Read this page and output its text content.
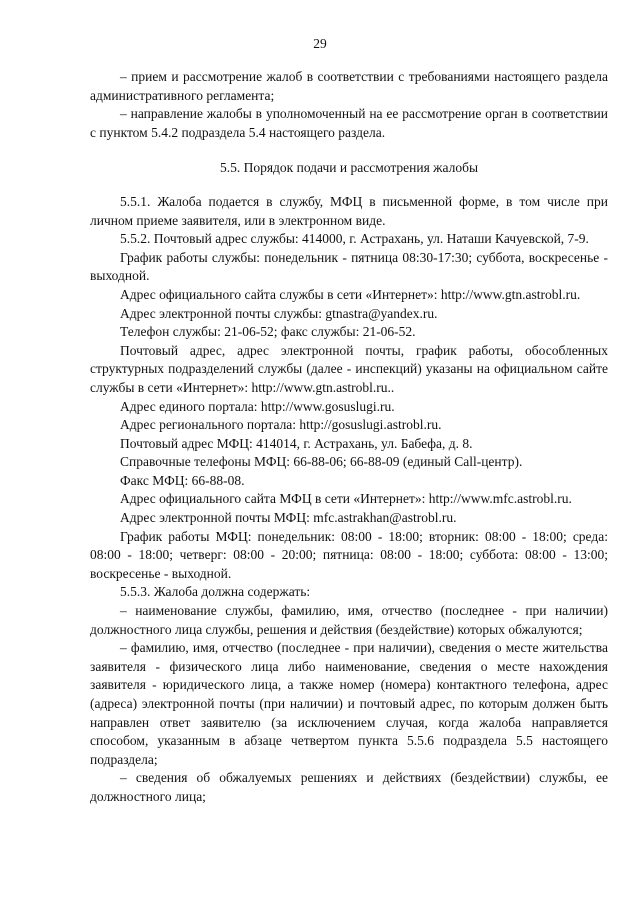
29

– прием и рассмотрение жалоб в соответствии с требованиями настоящего раздела административного регламента;

– направление жалобы в уполномоченный на ее рассмотрение орган в соответствии с пунктом 5.4.2 подраздела 5.4 настоящего раздела.

5.5. Порядок подачи и рассмотрения жалобы

5.5.1. Жалоба подается в службу, МФЦ в письменной форме, в том числе при личном приеме заявителя, или в электронном виде.

5.5.2. Почтовый адрес службы: 414000, г. Астрахань, ул. Наташи Качуевской, 7-9.

График работы службы: понедельник - пятница 08:30-17:30; суббота, воскресенье - выходной.

Адрес официального сайта службы в сети «Интернет»: http://www.gtn.astrobl.ru.

Адрес электронной почты службы: gtnastra@yandex.ru.

Телефон службы: 21-06-52; факс службы: 21-06-52.

Почтовый адрес, адрес электронной почты, график работы, обособленных структурных подразделений службы (далее - инспекций) указаны на официальном сайте службы в сети «Интернет»: http://www.gtn.astrobl.ru..

Адрес единого портала: http://www.gosuslugi.ru.

Адрес регионального портала: http://gosuslugi.astrobl.ru.

Почтовый адрес МФЦ: 414014, г. Астрахань, ул. Бабефа, д. 8.

Справочные телефоны МФЦ: 66-88-06; 66-88-09 (единый Call-центр).

Факс МФЦ: 66-88-08.

Адрес официального сайта МФЦ в сети «Интернет»: http://www.mfc.astrobl.ru.

Адрес электронной почты МФЦ: mfc.astrakhan@astrobl.ru.

График работы МФЦ: понедельник: 08:00 - 18:00; вторник: 08:00 - 18:00; среда: 08:00 - 18:00; четверг: 08:00 - 20:00; пятница: 08:00 - 18:00; суббота: 08:00 - 13:00; воскресенье - выходной.

5.5.3. Жалоба должна содержать:

– наименование службы, фамилию, имя, отчество (последнее - при наличии) должностного лица службы, решения и действия (бездействие) которых обжалуются;

– фамилию, имя, отчество (последнее - при наличии), сведения о месте жительства заявителя - физического лица либо наименование, сведения о месте нахождения заявителя - юридического лица, а также номер (номера) контактного телефона, адрес (адреса) электронной почты (при наличии) и почтовый адрес, по которым должен быть направлен ответ заявителю (за исключением случая, когда жалоба направляется способом, указанным в абзаце четвертом пункта 5.5.6 подраздела 5.5 настоящего подраздела;

– сведения об обжалуемых решениях и действиях (бездействии) службы, ее должностного лица;
